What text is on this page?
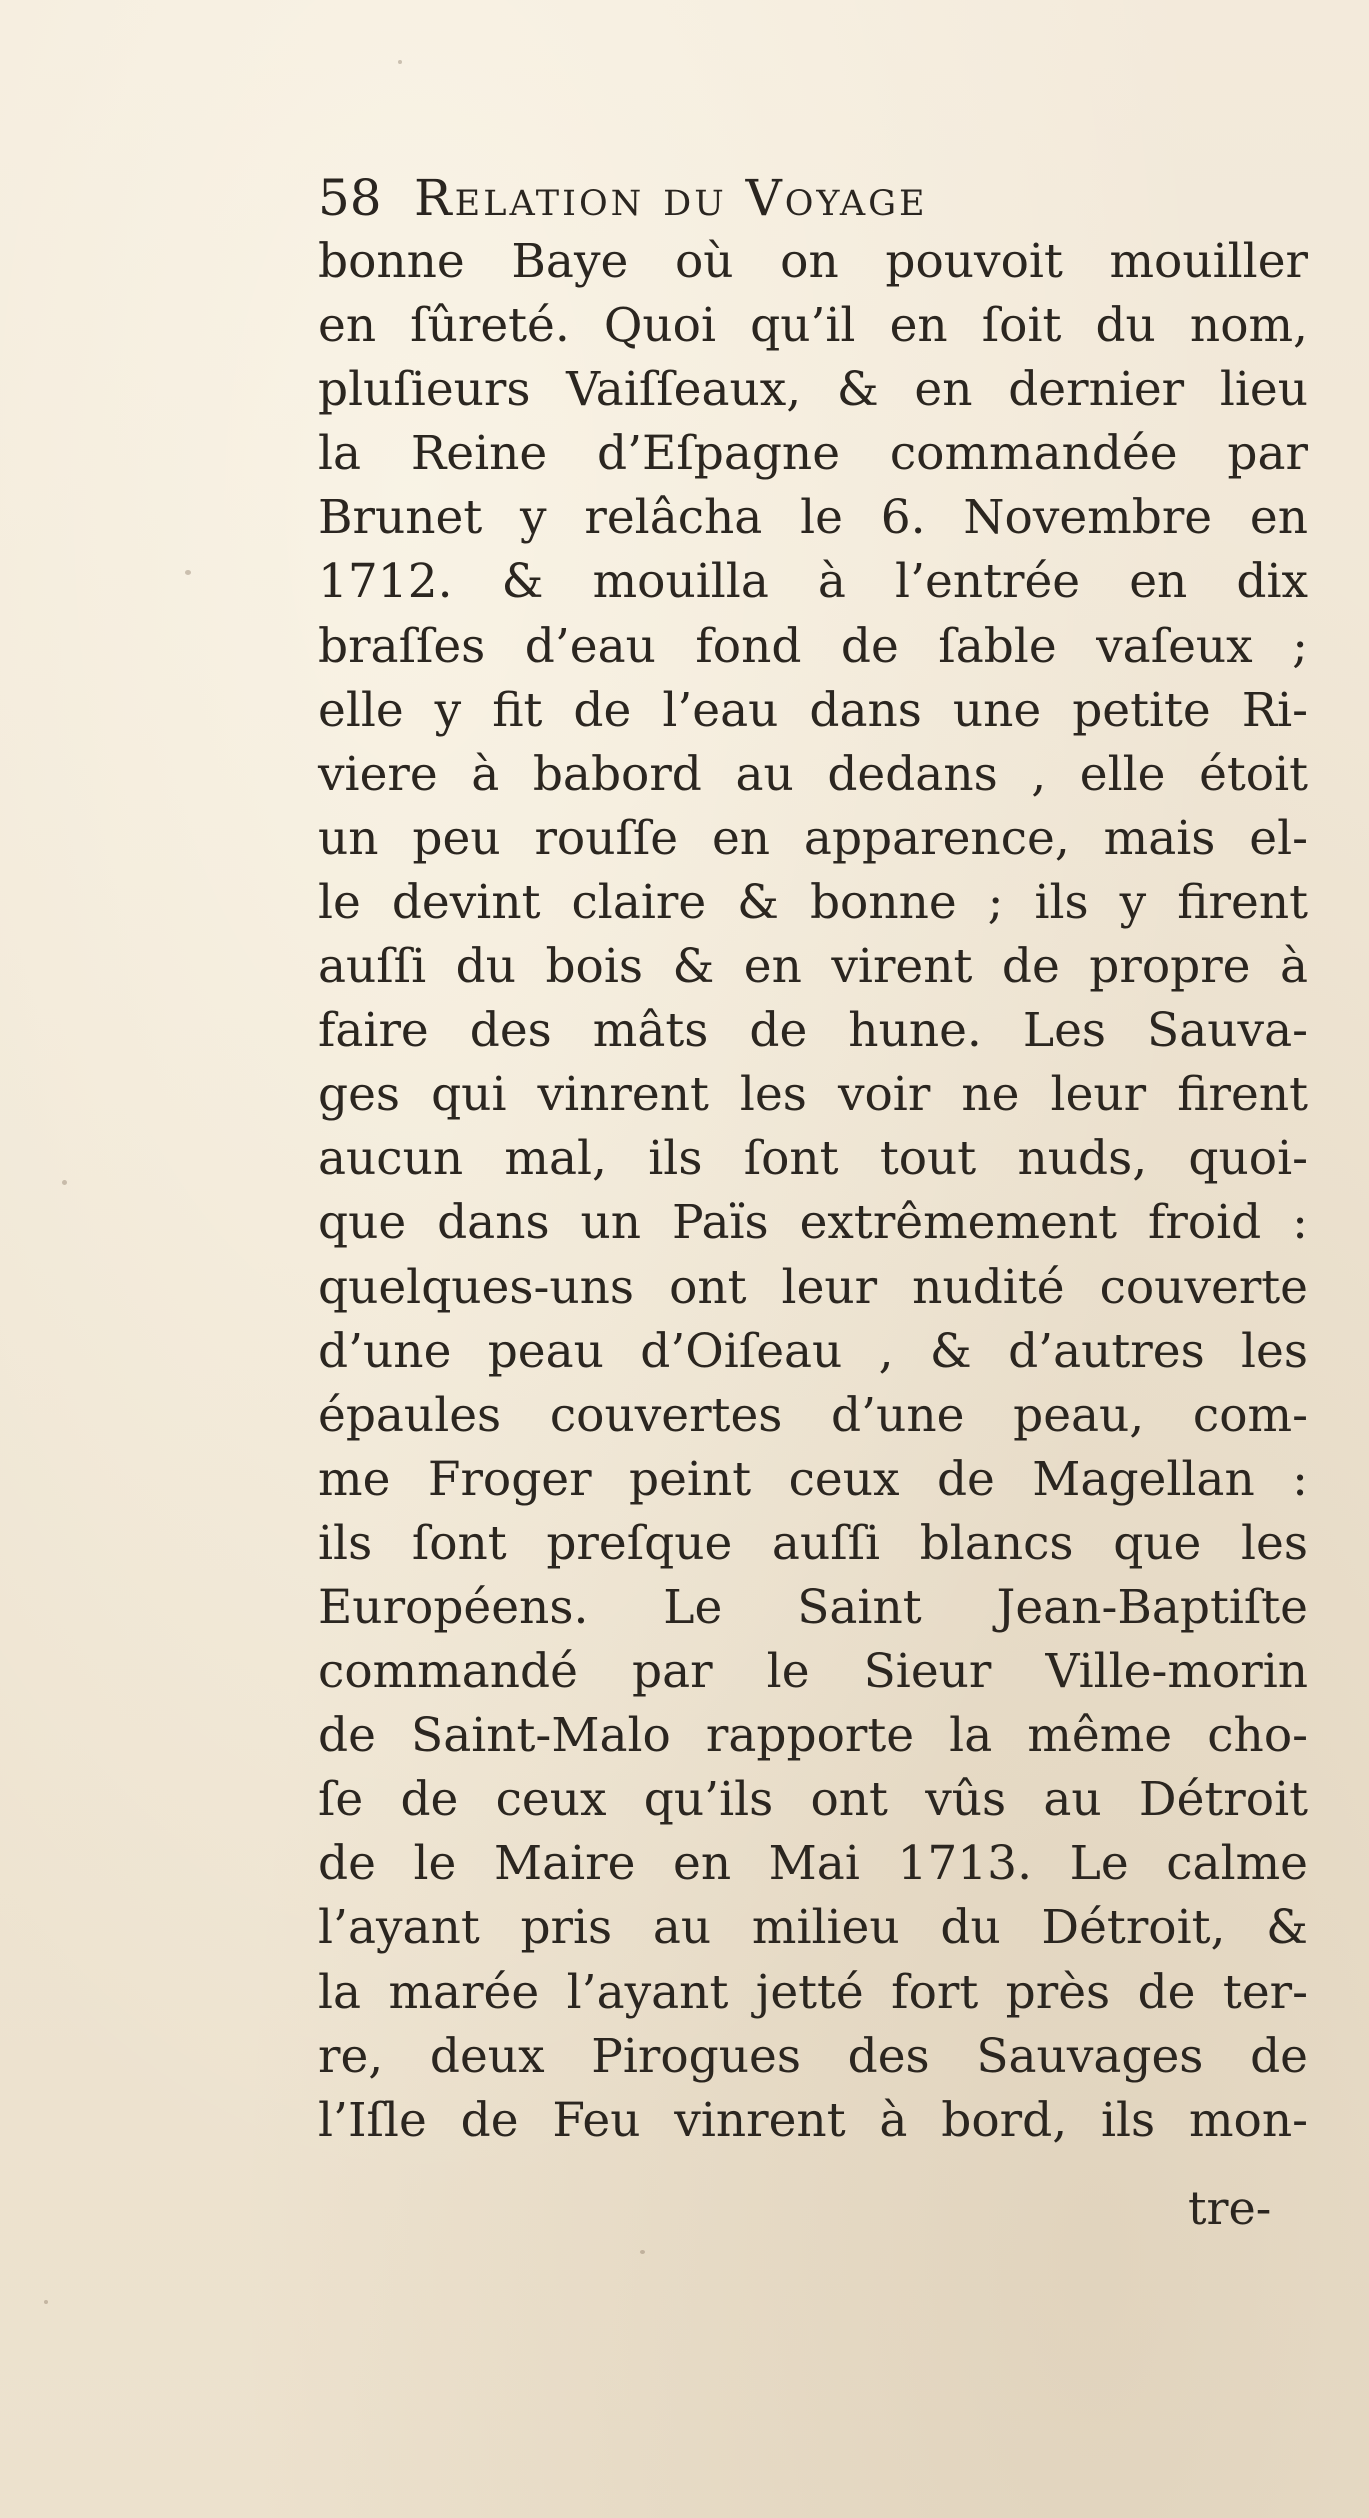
58 Relation du Voyage
bonne Baye où on pouvoit mouiller
en ſûreté. Quoi qu’il en ſoit du nom,
pluſieurs Vaiſſeaux, & en dernier lieu
la Reine d’Eſpagne commandée par
Brunet y relâcha le 6. Novembre en
1712. & mouilla à l’entrée en dix
braſſes d’eau fond de ſable vaſeux ;
elle y fit de l’eau dans une petite Ri-
viere à babord au dedans , elle étoit
un peu rouſſe en apparence, mais el-
le devint claire & bonne ; ils y firent
auſſi du bois & en virent de propre à
faire des mâts de hune. Les Sauva-
ges qui vinrent les voir ne leur firent
aucun mal, ils ſont tout nuds, quoi-
que dans un Païs extrêmement froid :
quelques-uns ont leur nudité couverte
d’une peau d’Oiſeau , & d’autres les
épaules couvertes d’une peau, com-
me Froger peint ceux de Magellan :
ils ſont preſque auſſi blancs que les
Européens. Le Saint Jean-Baptiſte
commandé par le Sieur Ville-morin
de Saint-Malo rapporte la même cho-
ſe de ceux qu’ils ont vûs au Détroit
de le Maire en Mai 1713. Le calme
l’ayant pris au milieu du Détroit, &
la marée l’ayant jetté fort près de ter-
re, deux Pirogues des Sauvages de
l’Iſle de Feu vinrent à bord, ils mon-
tre-
